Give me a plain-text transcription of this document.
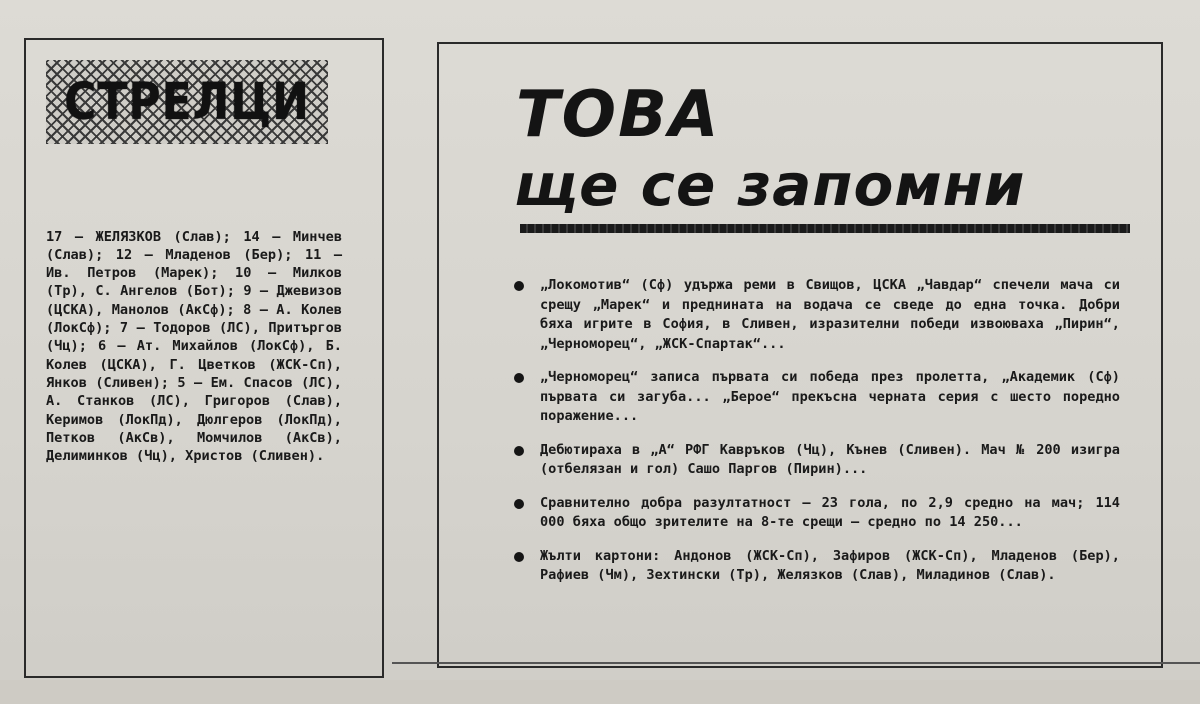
СТРЕЛЦИ

17 — ЖЕЛЯЗКОВ (Слав); 14 — Минчев (Слав); 12 — Младенов (Бер); 11 — Ив. Петров (Марек); 10 — Милков (Тр), С. Ангелов (Бот); 9 — Джевизов (ЦСКА), Манолов (АкСф); 8 — А. Колев (ЛокСф); 7 — Тодоров (ЛС), Притъргов (Чц); 6 — Ат. Михайлов (ЛокСф), Б. Колев (ЦСКА), Г. Цветков (ЖСК-Сп), Янков (Сливен); 5 — Ем. Спасов (ЛС), А. Станков (ЛС), Григоров (Слав), Керимов (ЛокПд), Дюлгеров (ЛокПд), Петков (АкСв), Момчилов (АкСв), Делиминков (Чц), Христов (Сливен).

ТОВА
ще се запомни

„Локомотив“ (Сф) удържа реми в Свищов, ЦСКА „Чавдар“ спечели мача си срещу „Марек“ и преднината на водача се сведе до една точка. Добри бяха игрите в София, в Сливен, изразителни победи извоюваха „Пирин“, „Черноморец“, „ЖСК-Спартак“...

„Черноморец“ записа първата си победа през пролетта, „Академик (Сф) първата си загуба... „Берое“ прекъсна черната серия с шесто поредно поражение...

Дебютираха в „А“ РФГ Кавръков (Чц), Кънев (Сливен). Мач № 200 изигра (отбелязан и гол) Сашо Паргов (Пирин)...

Сравнително добра разултатност — 23 гола, по 2,9 средно на мач; 114 000 бяха общо зрителите на 8-те срещи — средно по 14 250...

Жълти картони: Андонов (ЖСК-Сп), Зафиров (ЖСК-Сп), Младенов (Бер), Рафиев (Чм), Зехтински (Тр), Желязков (Слав), Миладинов (Слав).
